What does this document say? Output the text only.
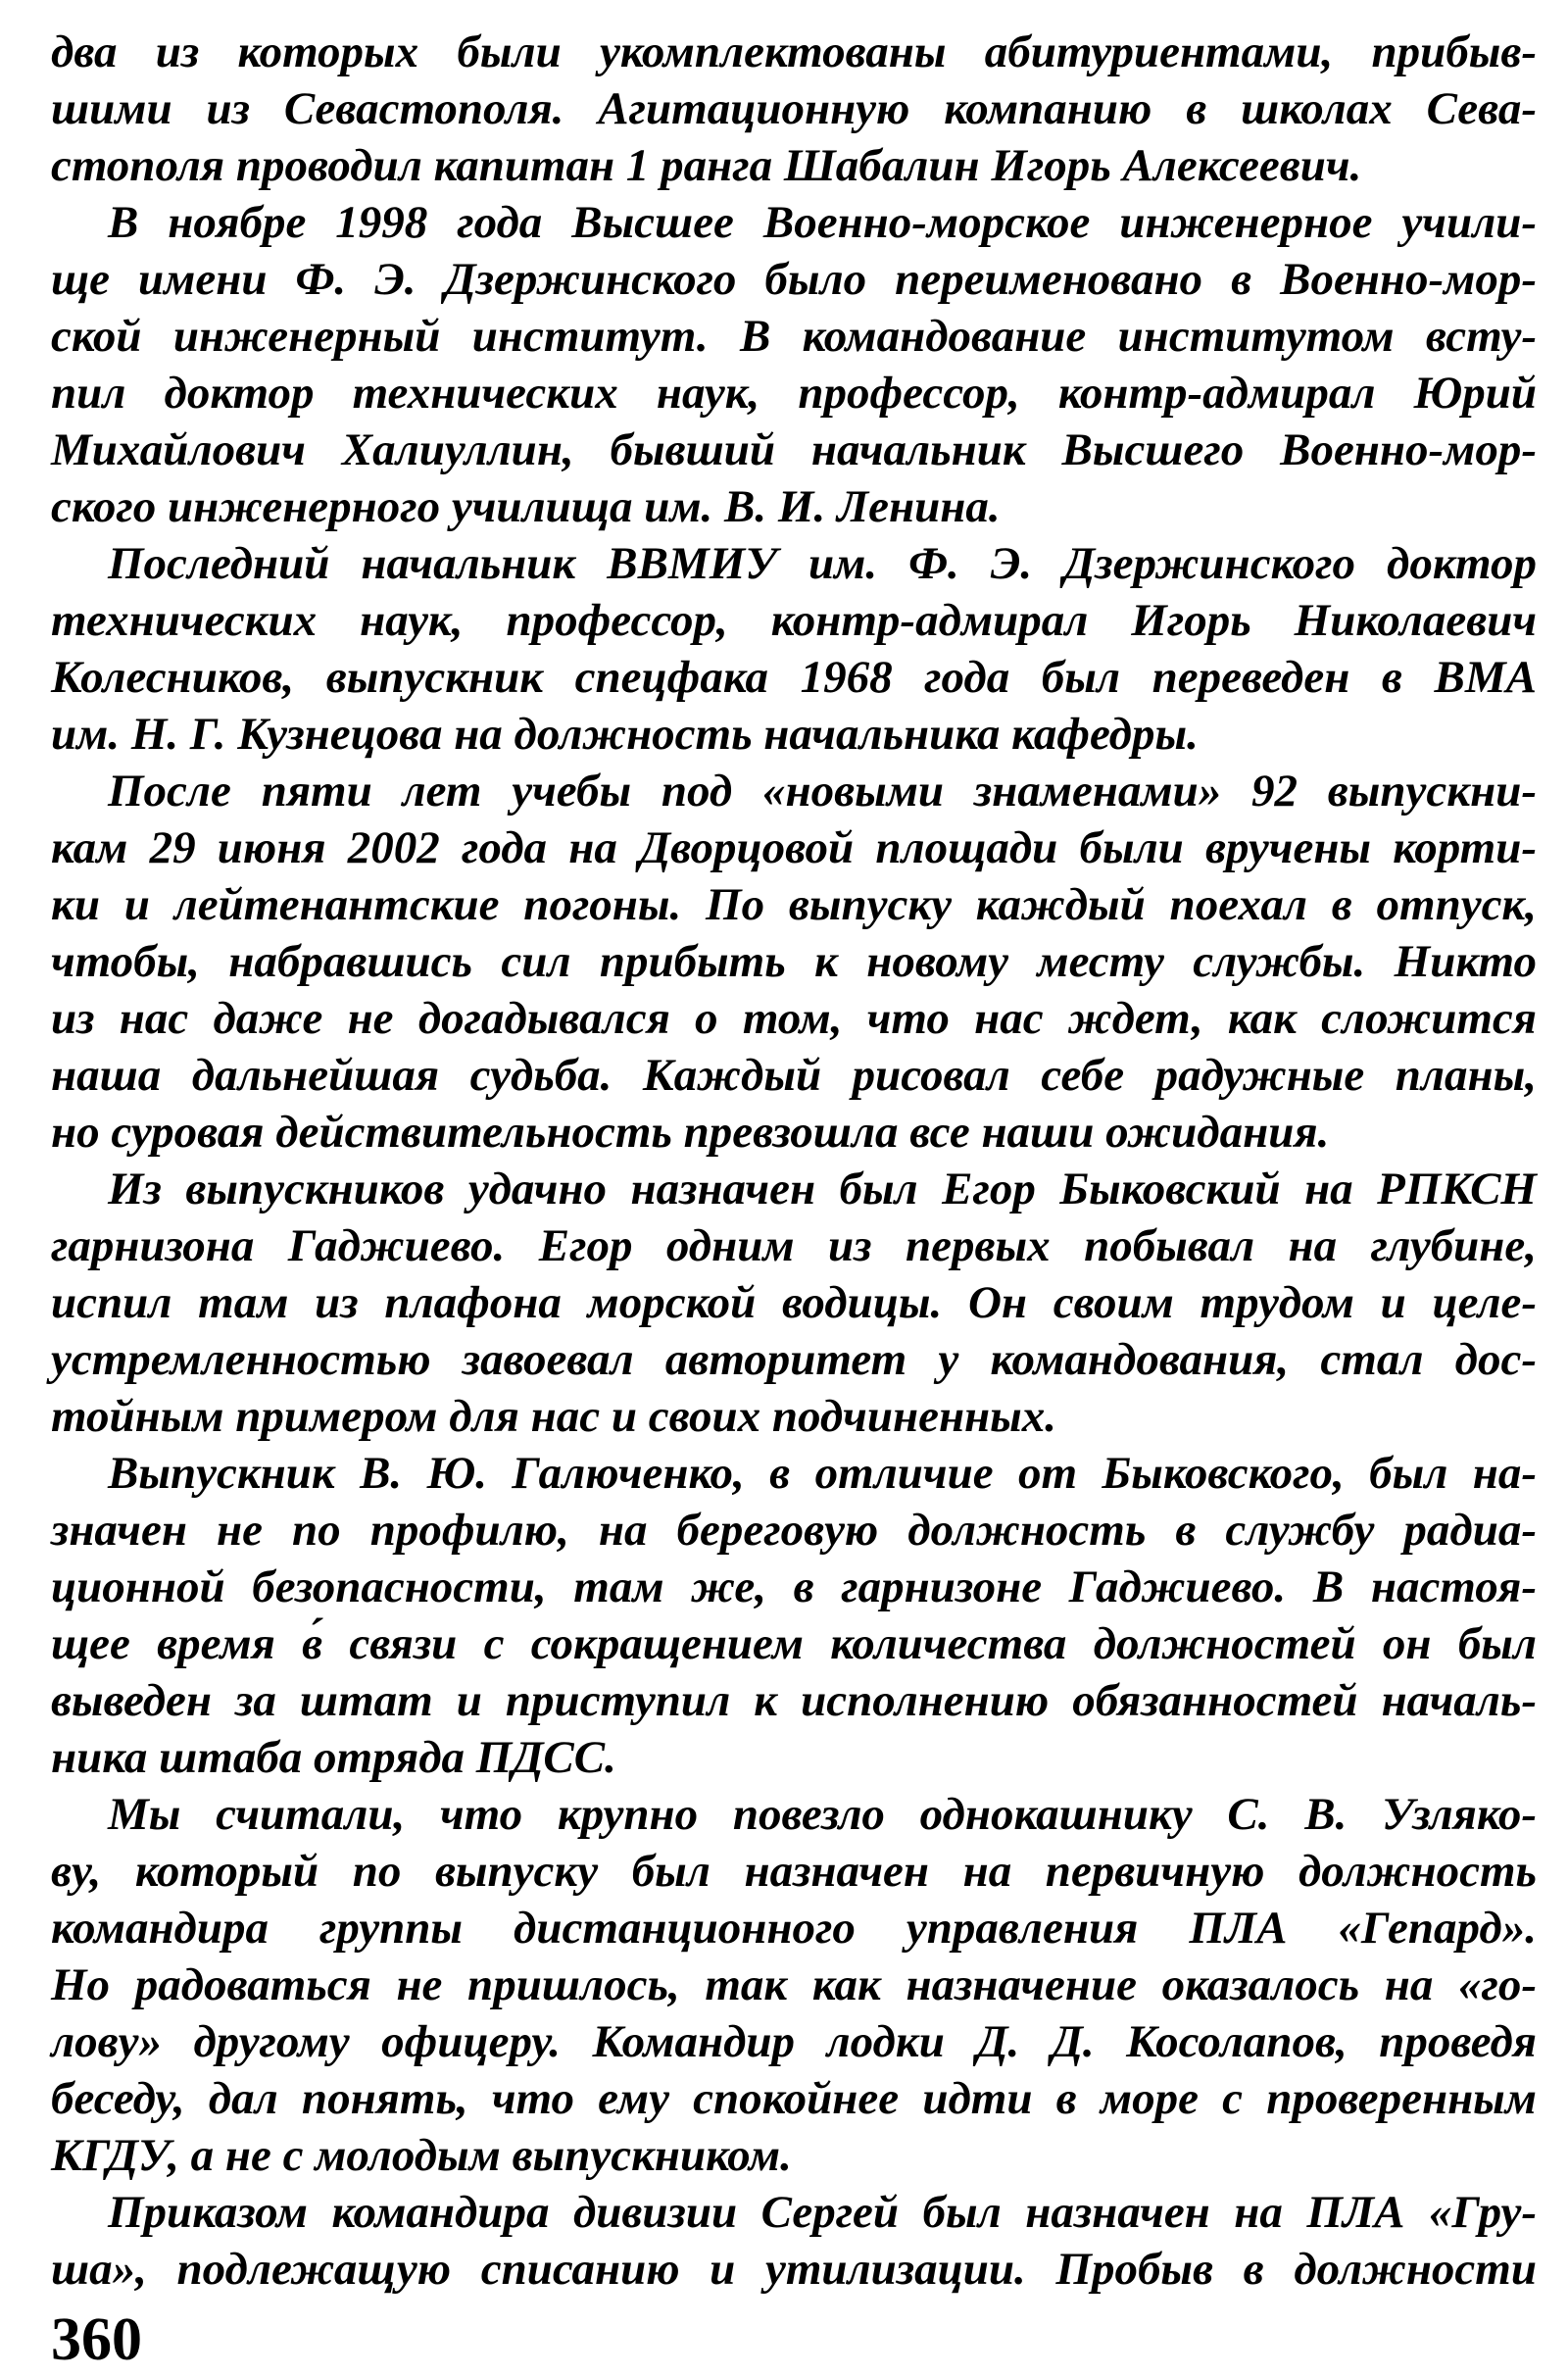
два из которых были укомплектованы абитуриентами, прибыв-
шими из Севастополя. Агитационную компанию в школах Сева-
стополя проводил капитан 1 ранга Шабалин Игорь Алексеевич.
В ноябре 1998 года Высшее Военно-морское инженерное учили-
ще имени Ф. Э. Дзержинского было переименовано в Военно-мор-
ской инженерный институт. В командование институтом всту-
пил доктор технических наук, профессор, контр-адмирал Юрий
Михайлович Халиуллин, бывший начальник Высшего Военно-мор-
ского инженерного училища им. В. И. Ленина.
Последний начальник ВВМИУ им. Ф. Э. Дзержинского доктор
технических наук, профессор, контр-адмирал Игорь Николаевич
Колесников, выпускник спецфака 1968 года был переведен в ВМА
им. Н. Г. Кузнецова на должность начальника кафедры.
После пяти лет учебы под «новыми знаменами» 92 выпускни-
кам 29 июня 2002 года на Дворцовой площади были вручены корти-
ки и лейтенантские погоны. По выпуску каждый поехал в отпуск,
чтобы, набравшись сил прибыть к новому месту службы. Никто
из нас даже не догадывался о том, что нас ждет, как сложится
наша дальнейшая судьба. Каждый рисовал себе радужные планы,
но суровая действительность превзошла все наши ожидания.
Из выпускников удачно назначен был Егор Быковский на РПКСН
гарнизона Гаджиево. Егор одним из первых побывал на глубине,
испил там из плафона морской водицы. Он своим трудом и целе-
устремленностью завоевал авторитет у командования, стал дос-
тойным примером для нас и своих подчиненных.
Выпускник В. Ю. Галюченко, в отличие от Быковского, был на-
значен не по профилю, на береговую должность в службу радиа-
ционной безопасности, там же, в гарнизоне Гаджиево. В настоя-
щее время в́ связи с сокращением количества должностей он был
выведен за штат и приступил к исполнению обязанностей началь-
ника штаба отряда ПДСС.
Мы считали, что крупно повезло однокашнику С. В. Узляко-
ву, который по выпуску был назначен на первичную должность
командира группы дистанционного управления ПЛА «Гепард».
Но радоваться не пришлось, так как назначение оказалось на «го-
лову» другому офицеру. Командир лодки Д. Д. Косолапов, проведя
беседу, дал понять, что ему спокойнее идти в море с проверенным
КГДУ, а не с молодым выпускником.
Приказом командира дивизии Сергей был назначен на ПЛА «Гру-
ша», подлежащую списанию и утилизации. Пробыв в должности
360
